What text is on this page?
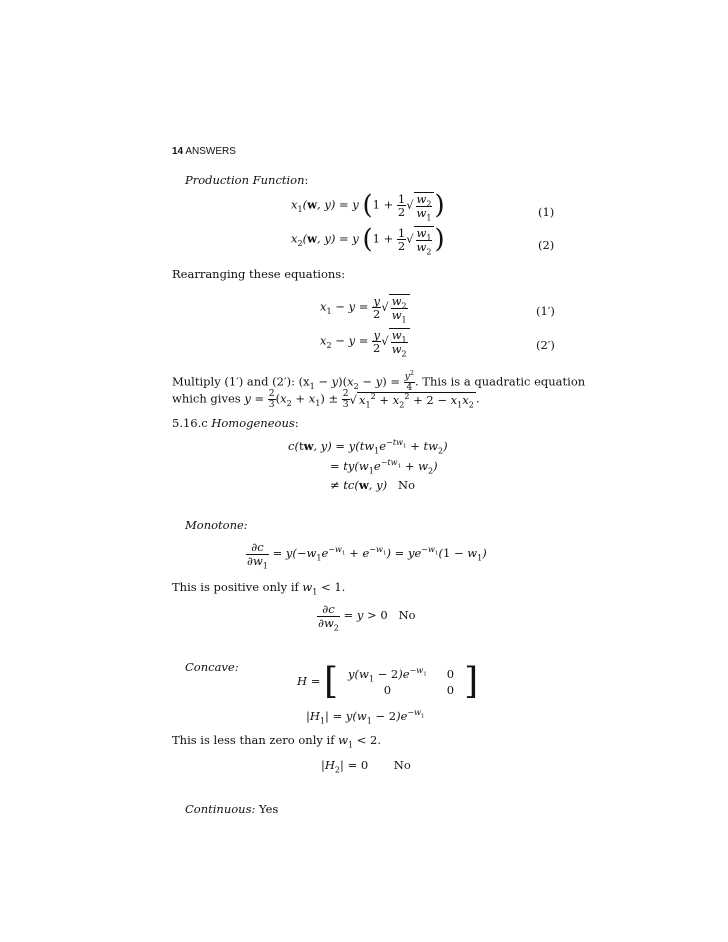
14 ANSWERS
Production Function:
$x_1(w$, y) = y ($1 + \frac{1}{2}$ √ $\frac{w_2}{w_1}$ )	(1)
$x_2(w$, y) = y ($1 + \frac{1}{2}$ √ $\frac{w_1}{w_2}$ )	(2)
Rearranging these equations:
$x_1 - y = \frac{y}{2}$ √ $\frac{w_2}{w_1}$	(1′)
$x_2 - y = \frac{y}{2}$ √ $\frac{w_1}{w_2}$	(2′)
Multiply (1′) and (2′): $(x_1 - y)(x_2 - y) = \frac{y^2}{4}$ . This is a quadratic equation
which gives $y = \frac{2}{3} (x_2 + x_1) \pm \frac{2}{3}$ √ $x_1^2 + x_2^2 + 2 - x_1x_2$ .
5.16.c Homogeneous:
c(tw, $y) = y(tw_1e^{-tw_1} + tw_2)$
= $ty(w_1e^{-tw_1} + w_2)$
≠ tc(w, y)   No
Monotone:
$\frac{\partial c}{\partial w_1} = y(-w_1e^{-w_1} + e^{-w_1}) = ye^{-w_1}(1 - w_1)$
This is positive only if $w_1 < 1$.
$\frac{\partial c}{\partial w_2} = y > 0$ No
Concave:
H = [ $y(w_1 - 2)e^{-w_1}$	0
0	0 ]
$|H_1| = y(w_1 - 2)e^{-w_1}$
This is less than zero only if $w_1 < 2$.
$|H_2| = 0$ No
Continuous: Yes
